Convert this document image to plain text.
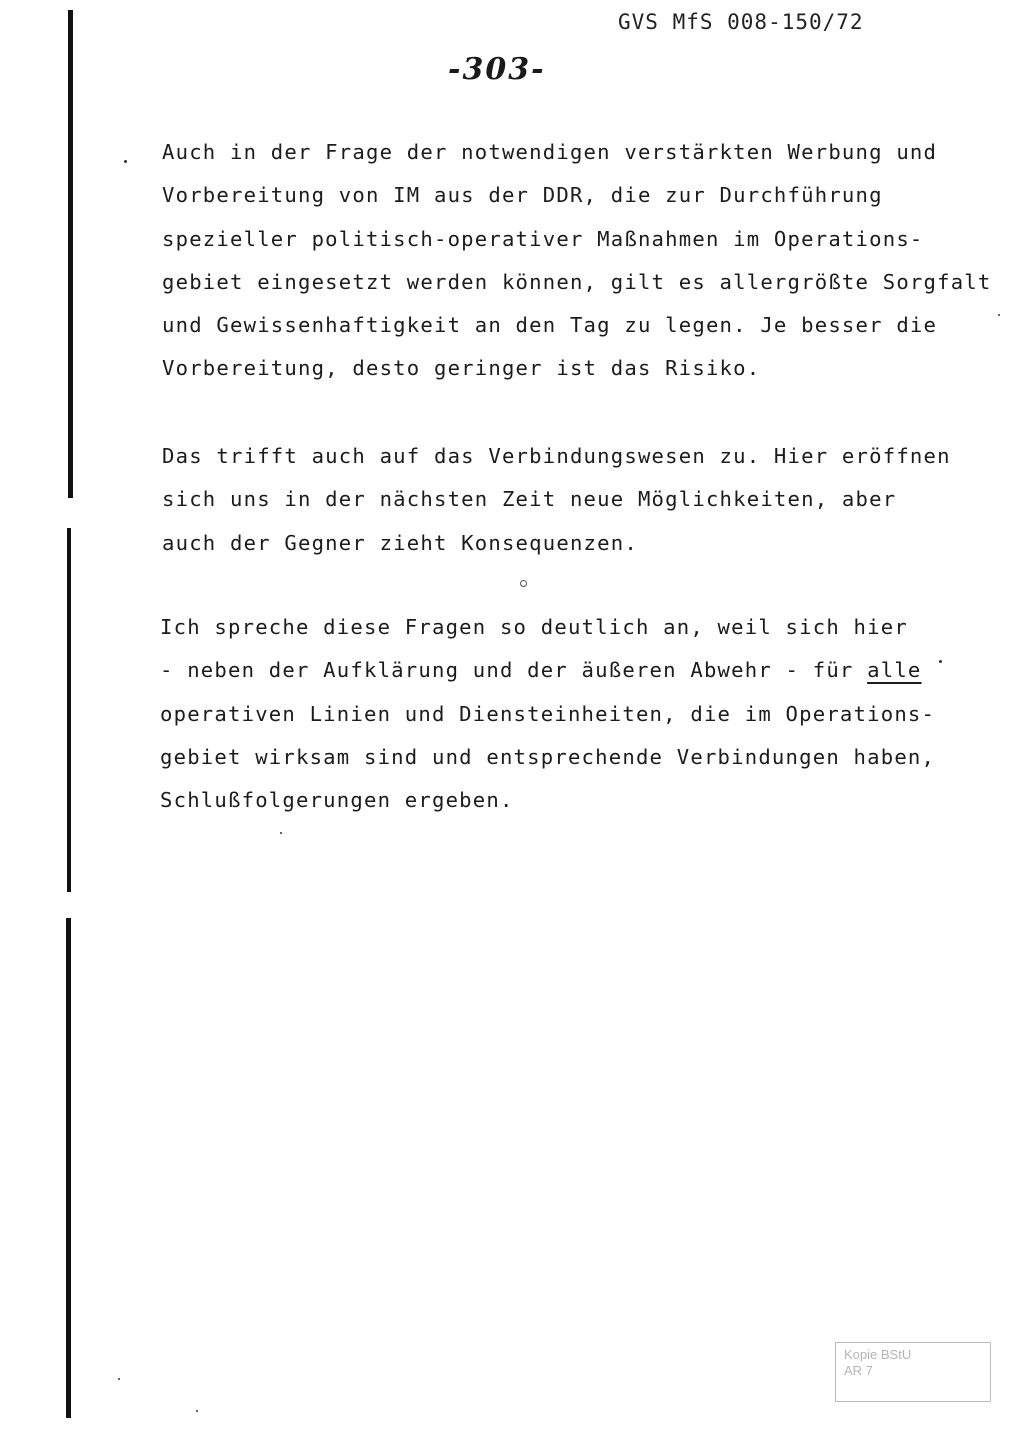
GVS MfS 008-150/72
-303-
Auch in der Frage der notwendigen verstärkten Werbung und
Vorbereitung von IM aus der DDR, die zur Durchführung
spezieller politisch-operativer Maßnahmen im Operations-
gebiet eingesetzt werden können, gilt es allergrößte Sorgfalt
und Gewissenhaftigkeit an den Tag zu legen. Je besser die
Vorbereitung, desto geringer ist das Risiko.
Das trifft auch auf das Verbindungswesen zu. Hier eröffnen
sich uns in der nächsten Zeit neue Möglichkeiten, aber
auch der Gegner zieht Konsequenzen.
Ich spreche diese Fragen so deutlich an, weil sich hier
- neben der Aufklärung und der äußeren Abwehr - für alle
operativen Linien und Diensteinheiten, die im Operations-
gebiet wirksam sind und entsprechende Verbindungen haben,
Schlußfolgerungen ergeben.
Kopie BStU
AR 7
